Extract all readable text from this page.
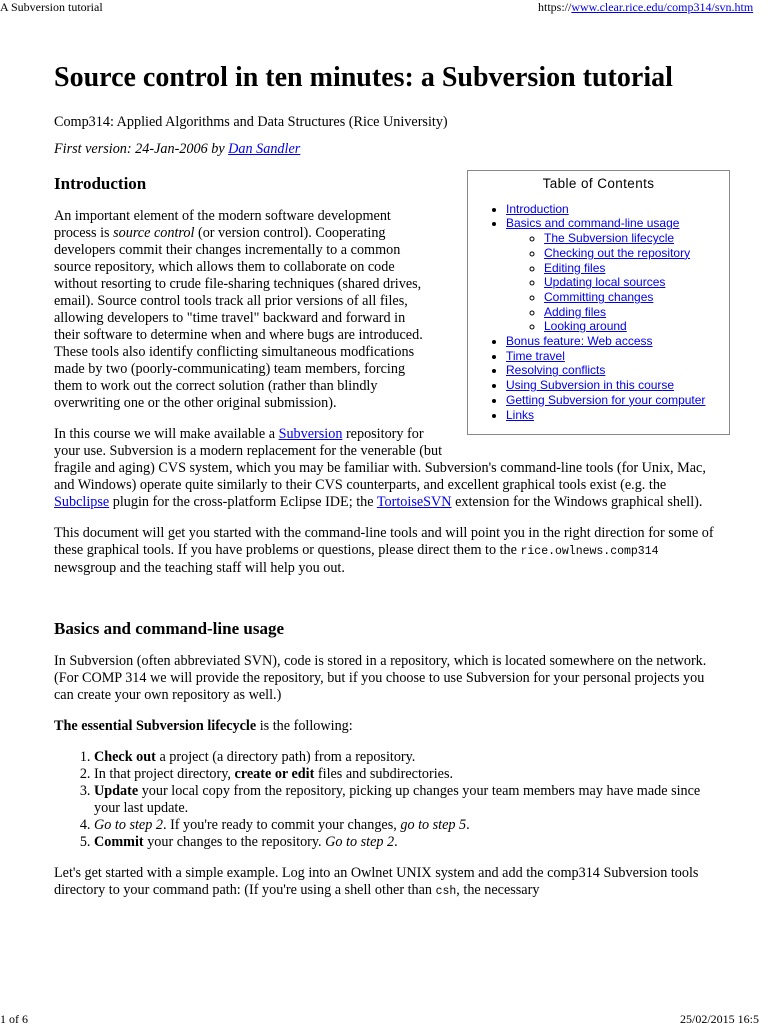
A Subversion tutorial	https://www.clear.rice.edu/comp314/svn.htm
Source control in ten minutes: a Subversion tutorial

Comp314: Applied Algorithms and Data Structures (Rice University)

First version: 24-Jan-2006 by Dan Sandler

Table of Contents
• Introduction
• Basics and command-line usage
◦ The Subversion lifecycle
◦ Checking out the repository
◦ Editing files
◦ Updating local sources
◦ Committing changes
◦ Adding files
◦ Looking around
• Bonus feature: Web access
• Time travel
• Resolving conflicts
• Using Subversion in this course
• Getting Subversion for your computer
• Links
Introduction

An important element of the modern software development process is source control (or version control). Cooperating developers commit their changes incrementally to a common source repository, which allows them to collaborate on code without resorting to crude file-sharing techniques (shared drives, email). Source control tools track all prior versions of all files, allowing developers to "time travel" backward and forward in their software to determine when and where bugs are introduced. These tools also identify conflicting simultaneous modfications made by two (poorly-communicating) team members, forcing them to work out the correct solution (rather than blindly overwriting one or the other original submission).

In this course we will make available a Subversion repository for your use. Subversion is a modern replacement for the venerable (but fragile and aging) CVS system, which you may be familiar with. Subversion's command-line tools (for Unix, Mac, and Windows) operate quite similarly to their CVS counterparts, and excellent graphical tools exist (e.g. the Subclipse plugin for the cross-platform Eclipse IDE; the TortoiseSVN extension for the Windows graphical shell).

This document will get you started with the command-line tools and will point you in the right direction for some of these graphical tools. If you have problems or questions, please direct them to the rice.owlnews.comp314 newsgroup and the teaching staff will help you out.

Basics and command-line usage

In Subversion (often abbreviated SVN), code is stored in a repository, which is located somewhere on the network. (For COMP 314 we will provide the repository, but if you choose to use Subversion for your personal projects you can create your own repository as well.)

The essential Subversion lifecycle is the following:

1. Check out a project (a directory path) from a repository.
2. In that project directory, create or edit files and subdirectories.
3. Update your local copy from the repository, picking up changes your team members may have made since your last update.
4. Go to step 2. If you're ready to commit your changes, go to step 5.
5. Commit your changes to the repository. Go to step 2.

Let's get started with a simple example. Log into an Owlnet UNIX system and add the comp314 Subversion tools directory to your command path: (If you're using a shell other than csh, the necessary

1 of 6	25/02/2015 16:5
